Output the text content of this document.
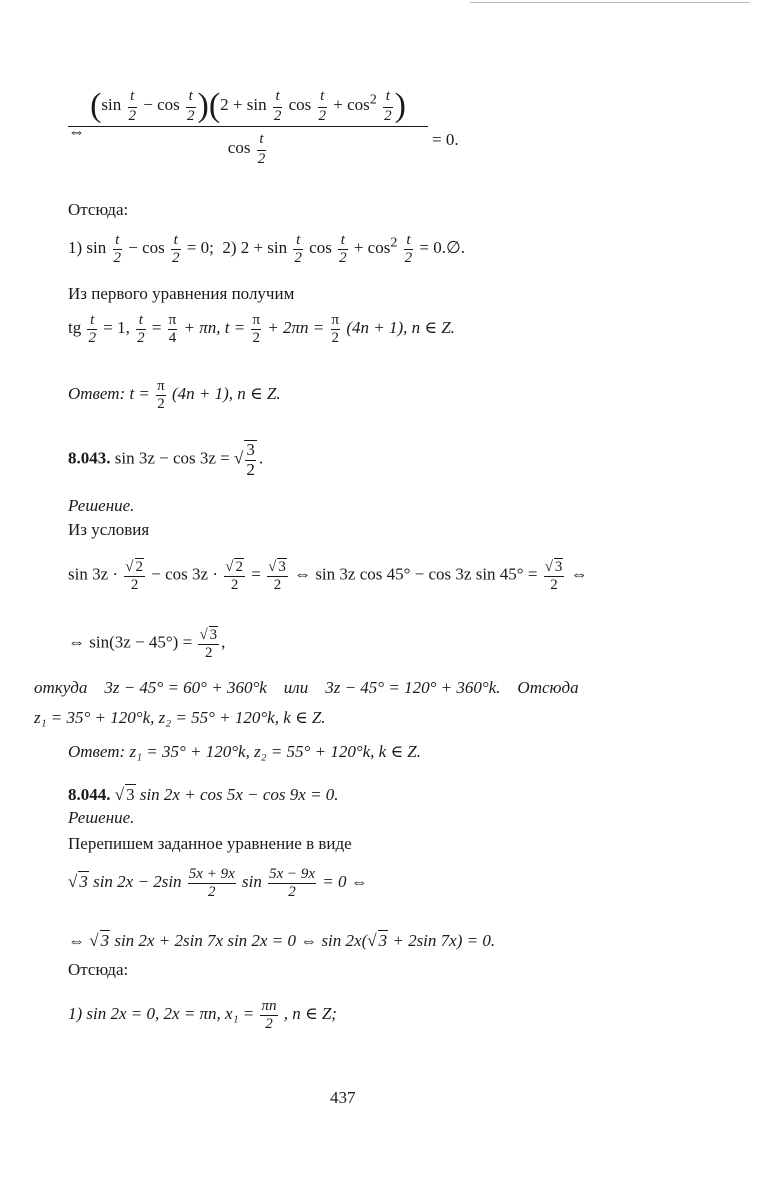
⇔
$(\sin \frac{t}{2} - \cos \frac{t}{2} )(2 + \sin \frac{t}{2}$ $\cos \frac{t}{2} + \cos^2 \frac{t}{2}$ )
$\cos \frac{t}{2}$	= 0.
Отсюда:
1) $\sin \frac{t}{2} - \cos \frac{t}{2} = 0$; 2) $2 + \sin \frac{t}{2}$ $\cos \frac{t}{2} + \cos^2 \frac{t}{2}$ = 0.∅.
Из первого уравнения получим
tg $\frac{t}{2} = 1$, $\frac{t}{2} = \frac{\pi}{4} + \pi n$, $t = \frac{\pi}{2} + 2\pi n = \frac{\pi}{2} (4n + 1)$, n ∈ Z.
Ответ: $t = \frac{\pi}{2} (4n + 1)$, n ∈ Z.
8.043. sin 3z − cos 3z = √ $\frac{3}{2}$ .
Решение.
Из условия
$\sin 3z \cdot \frac{√ 2}{2} - \cos 3z \cdot \frac{√ 2}{2} = \frac{√ 3}{2}$ ⇔ sin 3z cos 45° − cos 3z $\sin 45^\circ = \frac{√ 3}{2}$ ⇔
⇔ $\sin(3z - 45^\circ) = \frac{√ 3}{2}$ ,
откуда    3z − 45° = 60° + 360°k    или    3z − 45° = 120° + 360°k.    Отсюда
z₁ = 35° + 120°k, z₂ = 55° + 120°k, k ∈ Z.
Ответ: z₁ = 35° + 120°k, z₂ = 55° + 120°k, k ∈ Z.
8.044. √ 3 sin 2x + cos 5x − cos 9x = 0.
Решение.
Перепишем заданное уравнение в виде
√ 3 $\sin 2x - 2\sin \frac{5x + 9x}{2}$ $\sin \frac{5x - 9x}{2} = 0$ ⇔
⇔ √ 3 sin 2x + 2sin 7x sin 2x = 0 ⇔ sin 2x(√ 3 + 2sin 7x) = 0.
Отсюда:
1) sin 2x = 0, 2x = πn, $x_1 = \frac{\pi n}{2}$ , n ∈ Z;
437
